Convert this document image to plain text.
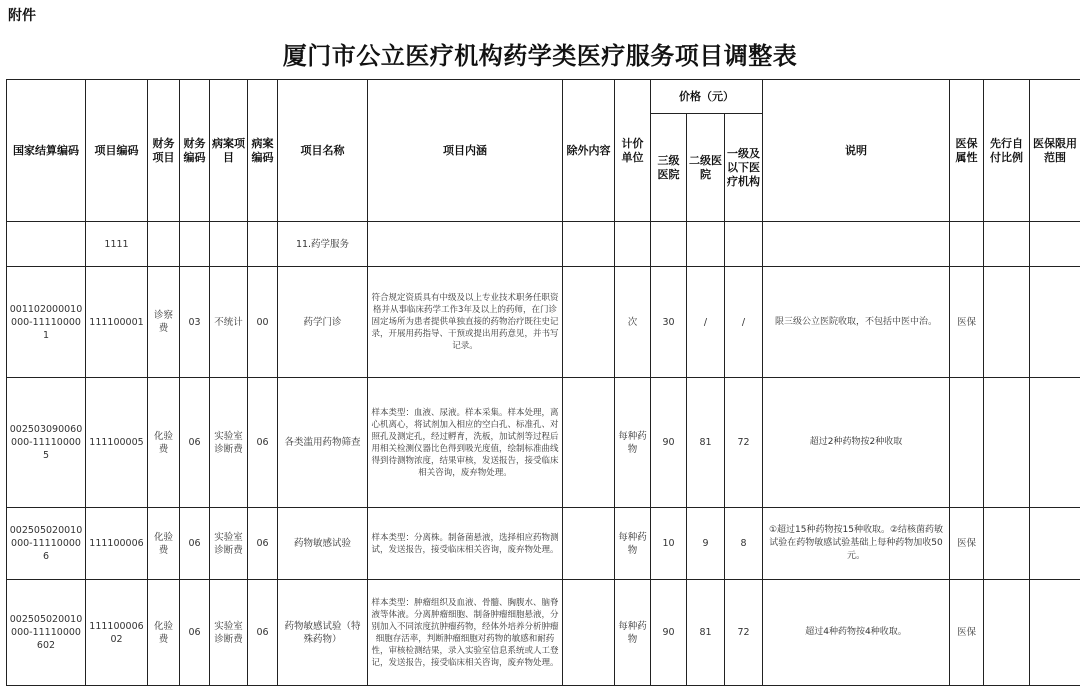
附件
厦门市公立医疗机构药学类医疗服务项目调整表
国家结算编码	项目编码	财务项目	财务编码	病案项目	病案编码	项目名称	项目内涵	除外内容	计价单位	价格（元）			说明	医保属性	先行自付比例	医保限用范围
										三级医院	二级医院	一级及以下医疗机构				
	1111					11.药学服务										
001102000010000-111100001	111100001	诊察费	03	不统计	00	药学门诊	符合规定资质具有中级及以上专业技术职务任职资格并从事临床药学工作3年及以上的药师，在门诊固定场所为患者提供单独直接的药物治疗既往史记录，开展用药指导、干预或提出用药意见，并书写记录。		次	30	/	/	限三级公立医院收取，不包括中医中治。	医保		
002503090060000-111100005	111100005	化验费	06	实验室诊断费	06	各类滥用药物筛查	样本类型：血液、尿液。样本采集。样本处理，离心机离心，将试剂加入相应的空白孔、标准孔、对照孔及测定孔，经过孵育，洗板，加试剂等过程后用相关检测仪器比色得到吸光度值，绘制标准曲线得到待测物浓度，结果审核，发送报告，接受临床相关咨询，废弃物处理。		每种药物	90	81	72	超过2种药物按2种收取			
002505020010000-111100006	111100006	化验费	06	实验室诊断费	06	药物敏感试验	样本类型：分离株。制备菌悬液，选择相应药物测试，发送报告，接受临床相关咨询，废弃物处理。		每种药物	10	9	8	①超过15种药物按15种收取。②结核菌药敏试验在药物敏感试验基础上每种药物加收50元。	医保		
002505020010000-11110000602	11110000602	化验费	06	实验室诊断费	06	药物敏感试验（特殊药物）	样本类型：肿瘤组织及血液、骨髓、胸腹水、脑脊液等体液。分离肿瘤细胞、制备肿瘤细胞悬液，分别加入不同浓度抗肿瘤药物，经体外培养分析肿瘤细胞存活率，判断肿瘤细胞对药物的敏感和耐药性，审核检测结果，录入实验室信息系统或人工登记，发送报告，接受临床相关咨询，废弃物处理。		每种药物	90	81	72	超过4种药物按4种收取。	医保		
